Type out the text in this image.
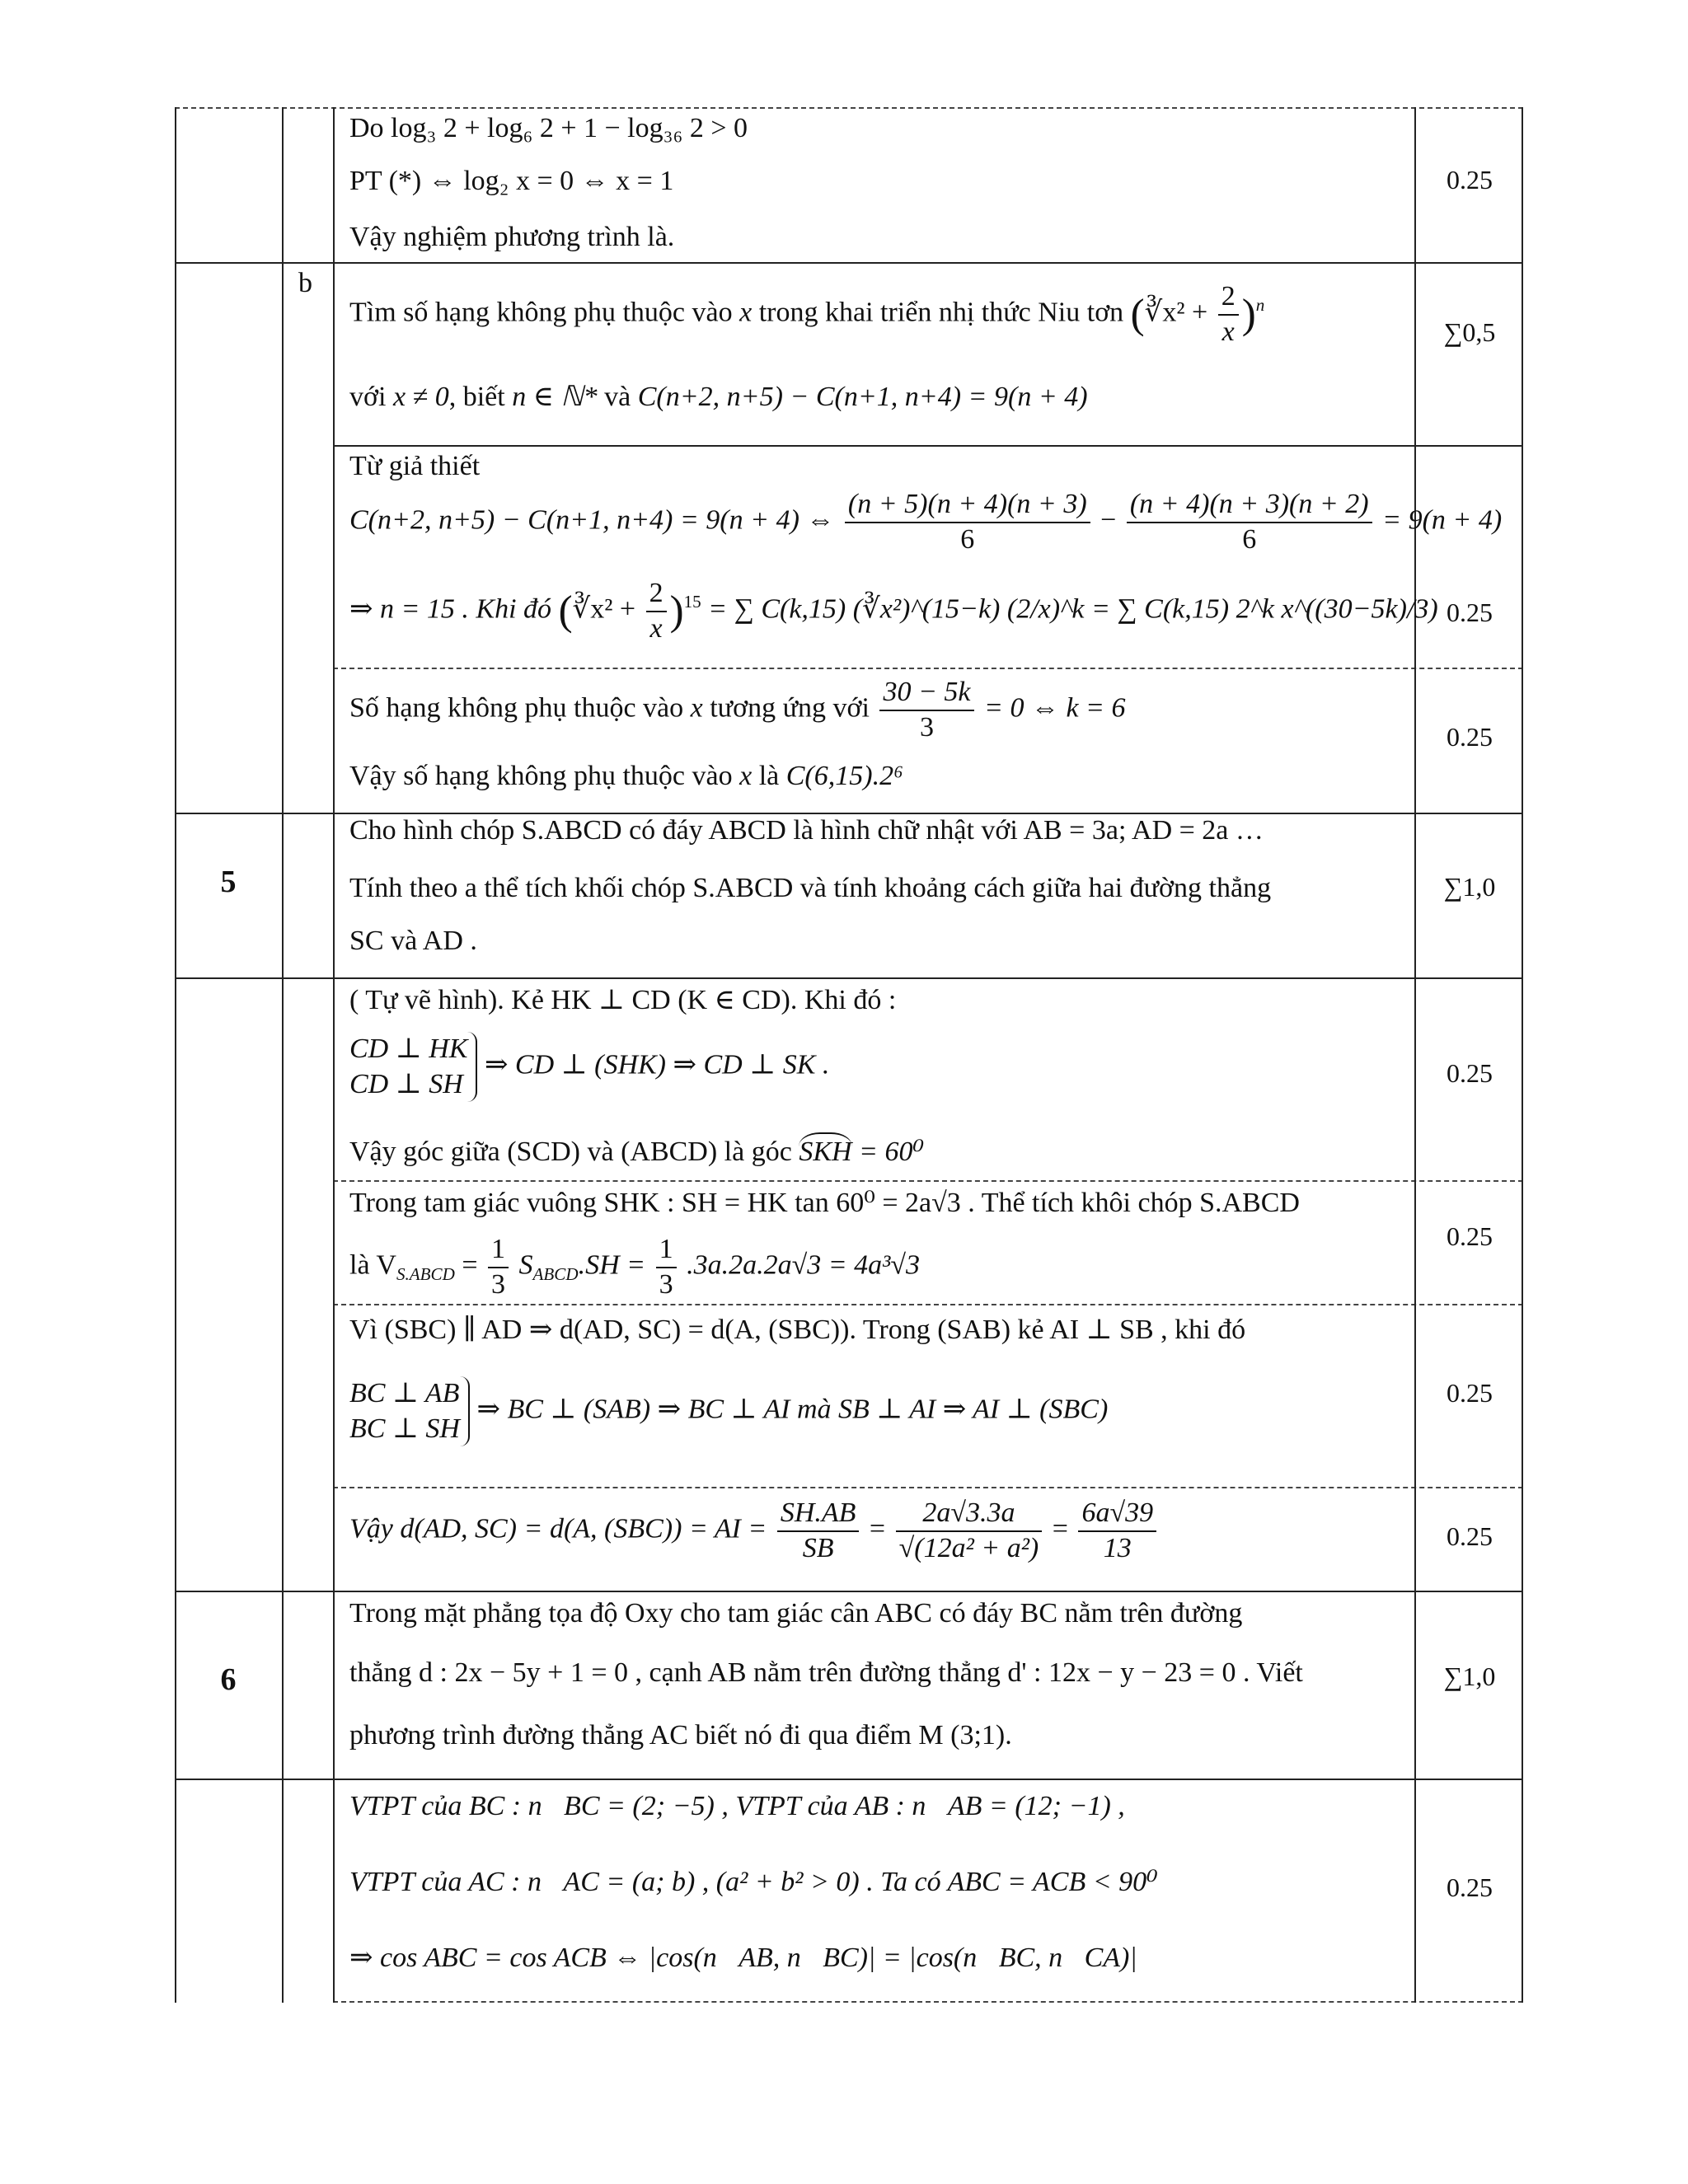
Do log₃ 2 + log₆ 2 + 1 − log₃₆ 2 > 0
PT (*) ⇔ log₂ x = 0 ⇔ x = 1
Vậy nghiệm phương trình là.
0.25
b
Tìm số hạng không phụ thuộc vào x trong khai triển nhị thức Niu tơn (∛x² + $\frac{2}{x} )^n$
với x ≠ 0, biết n ∈ ℕ* và C(n+2, n+5) − C(n+1, n+4) = 9(n + 4)
∑0,5
Từ giả thiết
C(n+2, n+5) − C(n+1, n+4) = 9(n + 4) ⇔ $\frac{(n + 5)(n + 4)(n + 3)}{6} - \frac{(n + 4)(n + 3)(n + 2)}{6} = 9(n + 4)$
⇒ n = 15 . Khi đó (∛x² + $\frac{2}{x} )^{15}$ = ∑ C(k,15) (∛x²)^(15−k) (2/x)^k = ∑ C(k,15) 2^k x^((30−5k)/3) 0.25
Số hạng không phụ thuộc vào x tương ứng với $\frac{30 - 5k}{3} = 0$ ⇔ k = 6
Vậy số hạng không phụ thuộc vào x là C(6,15).2⁶
0.25
5
Cho hình chóp S.ABCD có đáy ABCD là hình chữ nhật với AB = 3a; AD = 2a …
Tính theo a thể tích khối chóp S.ABCD và tính khoảng cách giữa hai đường thẳng
SC và AD .
∑1,0
( Tự vẽ hình). Kẻ HK ⊥ CD (K ∈ CD). Khi đó :
CD ⊥ HK
CD ⊥ SH ⇒ CD ⊥ (SHK) ⇒ CD ⊥ SK .
Vậy góc giữa (SCD) và (ABCD) là góc SKH = 60⁰
0.25
Trong tam giác vuông SHK : SH = HK tan 60⁰ = 2a√3 . Thể tích khôi chóp S.ABCD
là $V_{S.ABCD} = \frac{1}{3} S_{ABCD}.SH = \frac{1}{3} .3a.2a.2a√3 = 4a^3√3$
0.25
Vì (SBC) ∥ AD ⇒ d(AD, SC) = d(A, (SBC)). Trong (SAB) kẻ AI ⊥ SB , khi đó
BC ⊥ AB
BC ⊥ SH ⇒ BC ⊥ (SAB) ⇒ BC ⊥ AI mà SB ⊥ AI ⇒ AI ⊥ (SBC)
0.25
Vậy d(AD, SC) = d(A, (SBC)) = AI = $\frac{SH.AB}{SB} = \frac{2a√3.3a}{\text{√(12a² + a²)}} = \frac{6a√39}{13}$	0.25
6
Trong mặt phẳng tọa độ Oxy cho tam giác cân ABC có đáy BC nằm trên đường
thẳng d : 2x − 5y + 1 = 0 , cạnh AB nằm trên đường thẳng d' : 12x − y − 23 = 0 . Viết
phương trình đường thẳng AC biết nó đi qua điểm M (3;1).
∑1,0
VTPT của BC : n⃗BC = (2; −5) , VTPT của AB : n⃗AB = (12; −1) ,
VTPT của AC : n⃗AC = (a; b) , (a² + b² > 0) . Ta có ABC = ACB < 90⁰
⇒ cos ABC = cos ACB ⇔ |cos(n⃗AB, n⃗BC)| = |cos(n⃗BC, n⃗CA)|
0.25
